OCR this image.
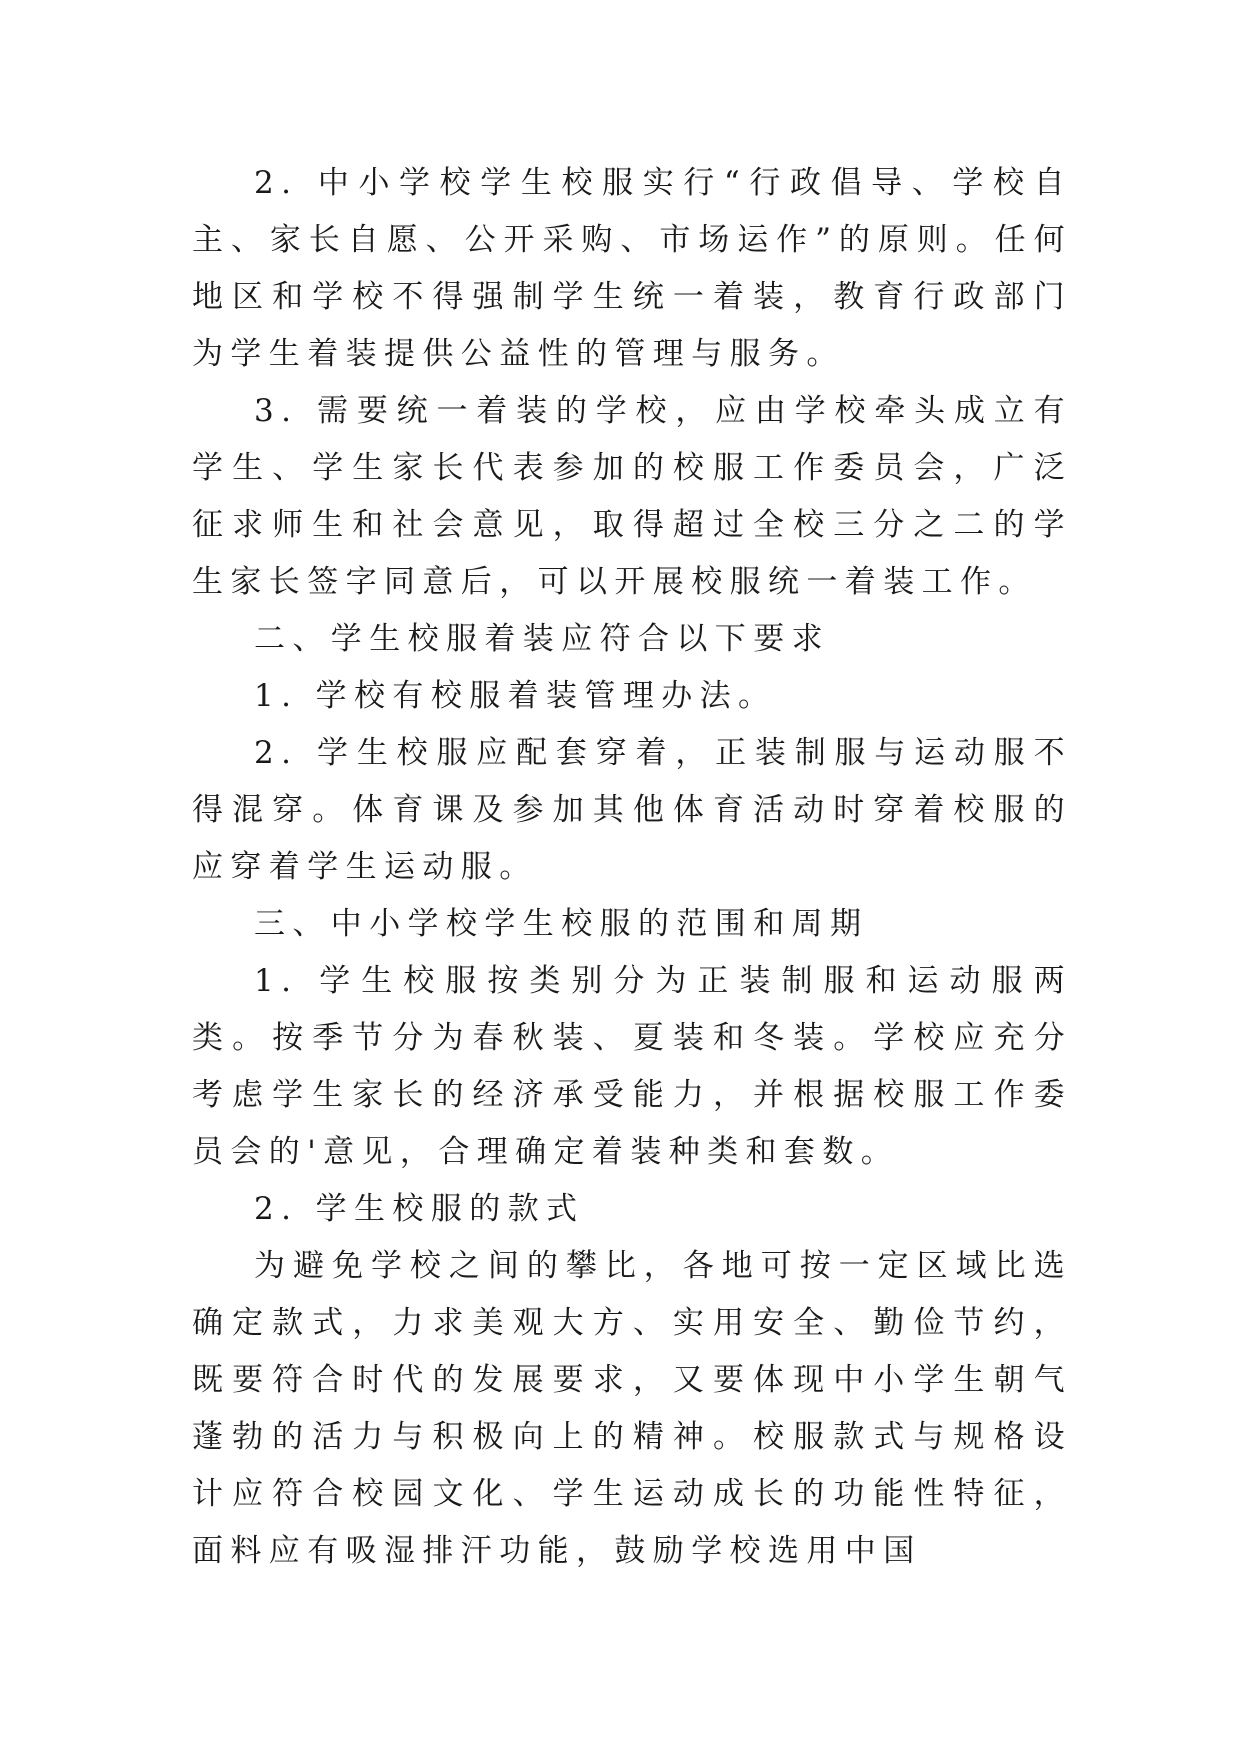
2. 中小学校学生校服实行“行政倡导、学校自主、家长自愿、公开采购、市场运作”的原则。任何地区和学校不得强制学生统一着装，教育行政部门为学生着装提供公益性的管理与服务。

3. 需要统一着装的学校，应由学校牵头成立有学生、学生家长代表参加的校服工作委员会，广泛征求师生和社会意见，取得超过全校三分之二的学生家长签字同意后，可以开展校服统一着装工作。

二、学生校服着装应符合以下要求

1. 学校有校服着装管理办法。

2. 学生校服应配套穿着，正装制服与运动服不得混穿。体育课及参加其他体育活动时穿着校服的应穿着学生运动服。

三、中小学校学生校服的范围和周期

1. 学生校服按类别分为正装制服和运动服两类。按季节分为春秋装、夏装和冬装。学校应充分考虑学生家长的经济承受能力，并根据校服工作委员会的'意见，合理确定着装种类和套数。

2. 学生校服的款式

为避免学校之间的攀比，各地可按一定区域比选确定款式，力求美观大方、实用安全、勤俭节约，既要符合时代的发展要求，又要体现中小学生朝气蓬勃的活力与积极向上的精神。校服款式与规格设计应符合校园文化、学生运动成长的功能性特征，面料应有吸湿排汗功能，鼓励学校选用中国
